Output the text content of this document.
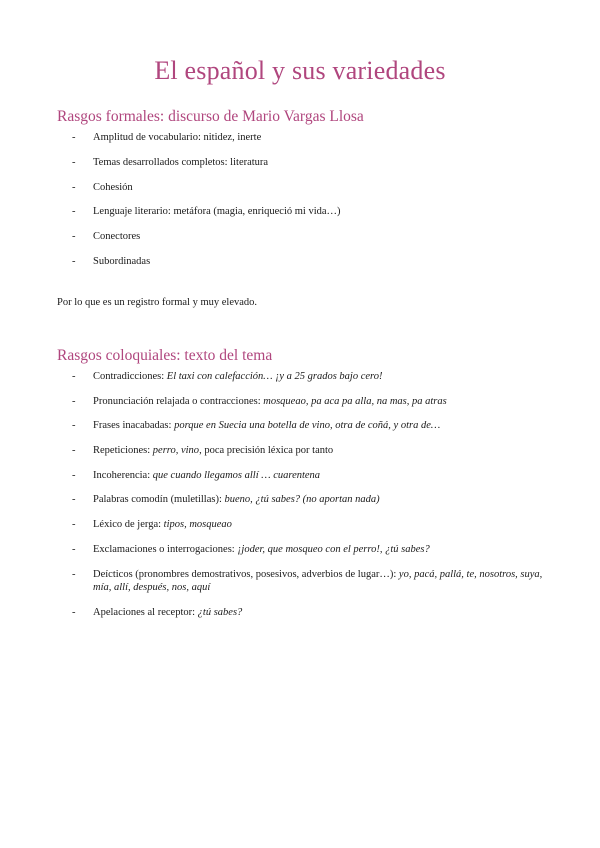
El español y sus variedades
Rasgos formales: discurso de Mario Vargas Llosa
- Amplitud de vocabulario: nitidez, inerte
- Temas desarrollados completos: literatura
- Cohesión
- Lenguaje literario: metáfora (magia, enriqueció mi vida…)
- Conectores
- Subordinadas
Por lo que es un registro formal y muy elevado.
Rasgos coloquiales: texto del tema
- Contradicciones: El taxi con calefacción… ¡y a 25 grados bajo cero!
- Pronunciación relajada o contracciones: mosqueao, pa aca pa alla, na mas, pa atras
- Frases inacabadas: porque en Suecia una botella de vino, otra de coñá, y otra de…
- Repeticiones: perro, vino, poca precisión léxica por tanto
- Incoherencia: que cuando llegamos allí … cuarentena
- Palabras comodín (muletillas): bueno, ¿tú sabes? (no aportan nada)
- Léxico de jerga: tipos, mosqueao
- Exclamaciones o interrogaciones: ¡joder, que mosqueo con el perro!, ¿tú sabes?
- Deícticos (pronombres demostrativos, posesivos, adverbios de lugar…): yo, pacá, pallá, te, nosotros, suya, mía, allí, después, nos, aquí
- Apelaciones al receptor: ¿tú sabes?
